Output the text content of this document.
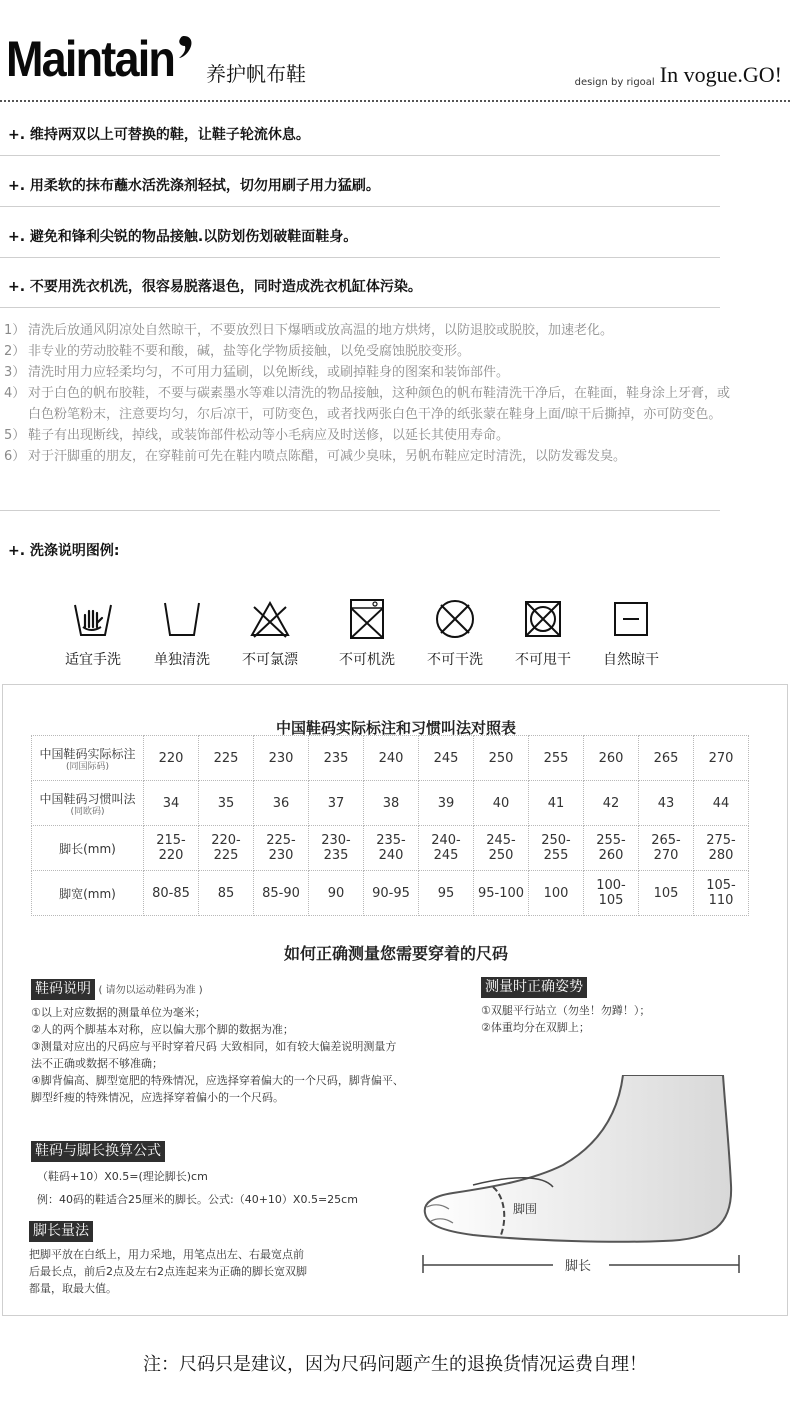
Maintain 养护帆布鞋	design by rigoal In vogue.GO!
+. 维持两双以上可替换的鞋，让鞋子轮流休息。
+. 用柔软的抹布蘸水活洗涤剂轻拭，切勿用刷子用力猛刷。
+. 避免和锋利尖锐的物品接触.以防划伤划破鞋面鞋身。
+. 不要用洗衣机洗，很容易脱落退色，同时造成洗衣机缸体污染。
1） 清洗后放通风阴凉处自然晾干，不要放烈日下爆晒或放高温的地方烘烤，以防退胶或脱胶，加速老化。
2） 非专业的劳动胶鞋不要和酸，碱，盐等化学物质接触，以免受腐蚀脱胶变形。
3） 清洗时用力应轻柔均匀，不可用力猛刷，以免断线，或刷掉鞋身的图案和装饰部件。
4） 对于白色的帆布胶鞋，不要与碳素墨水等难以清洗的物品接触，这种颜色的帆布鞋清洗干净后，在鞋面，鞋身涂上牙膏，或白色粉笔粉末，注意要均匀，尔后凉干，可防变色，或者找两张白色干净的纸张蒙在鞋身上面/晾干后撕掉，亦可防变色。
5） 鞋子有出现断线，掉线，或装饰部件松动等小毛病应及时送修，以延长其使用寿命。
6） 对于汗脚重的朋友，在穿鞋前可先在鞋内喷点陈醋，可减少臭味，另帆布鞋应定时清洗，以防发霉发臭。
+. 洗涤说明图例:
适宜手洗	单独清洗	不可氯漂	不可机洗	不可干洗	不可甩干	自然晾干
中国鞋码实际标注和习惯叫法对照表
中国鞋码实际标注
(同国际码)	220	225	230	235	240	245	250	255	260	265	270
中国鞋码习惯叫法
(同欧码)	34	35	36	37	38	39	40	41	42	43	44
脚长(mm)	215-220	220-225	225-230	230-235	235-240	240-245	245-250	250-255	255-260	265-270	275-280
脚宽(mm)	80-85	85	85-90	90	90-95	95	95-100	100	100-105	105	105-110
如何正确测量您需要穿着的尺码
鞋码说明 ( 请勿以运动鞋码为准 )

①以上对应数据的测量单位为毫米；

②人的两个脚基本对称，应以偏大那个脚的数据为准；

③测量对应出的尺码应与平时穿着尺码 大致相同，如有较大偏差说明测量方法不正确或数据不够准确；

④脚背偏高、脚型宽肥的特殊情况，应选择穿着偏大的一个尺码，脚背偏平、脚型纤瘦的特殊情况，应选择穿着偏小的一个尺码。

鞋码与脚长换算公式

（鞋码+10）X0.5=(理论脚长)cm

例：40码的鞋适合25厘米的脚长。公式:（40+10）X0.5=25cm

脚长量法

把脚平放在白纸上，用力采地，用笔点出左、右最宽点前后最长点，前后2点及左右2点连起来为正确的脚长宽双脚都量，取最大值。

测量时正确姿势

①双腿平行站立（勿坐！勿蹲！）；

②体重均分在双脚上；

脚围
脚长
注：尺码只是建议，因为尺码问题产生的退换货情况运费自理！
